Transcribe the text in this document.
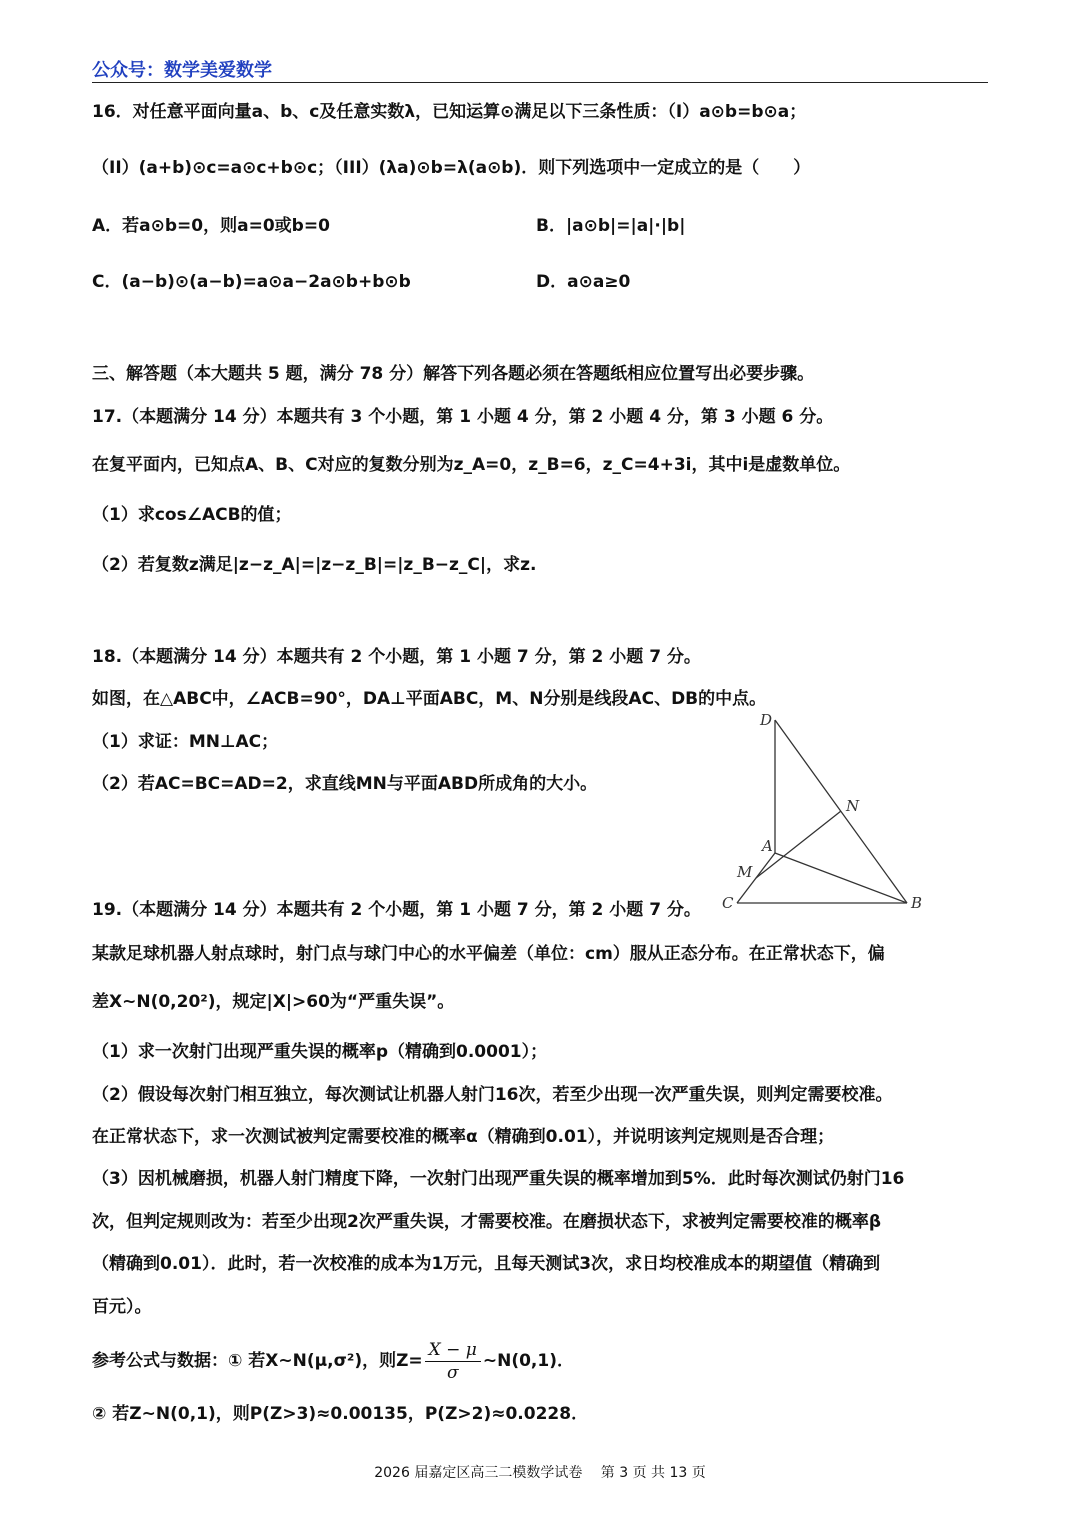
公众号：数学美爱数学
16．对任意平面向量a、b、c及任意实数λ，已知运算⊙满足以下三条性质：（I）a⊙b=b⊙a；
（II）(a+b)⊙c=a⊙c+b⊙c；（III）(λa)⊙b=λ(a⊙b)．则下列选项中一定成立的是（　　）
A．若a⊙b=0，则a=0或b=0	B．|a⊙b|=|a|·|b|
C．(a−b)⊙(a−b)=a⊙a−2a⊙b+b⊙b	D．a⊙a≥0
三、解答题（本大题共 5 题，满分 78 分）解答下列各题必须在答题纸相应位置写出必要步骤。
17.（本题满分 14 分）本题共有 3 个小题，第 1 小题 4 分，第 2 小题 4 分，第 3 小题 6 分。
在复平面内，已知点A、B、C对应的复数分别为z_A=0，z_B=6，z_C=4+3i，其中i是虚数单位。
（1）求cos∠ACB的值；
（2）若复数z满足|z−z_A|=|z−z_B|=|z_B−z_C|，求z.
18.（本题满分 14 分）本题共有 2 个小题，第 1 小题 7 分，第 2 小题 7 分。
如图，在△ABC中，∠ACB=90°，DA⊥平面ABC，M、N分别是线段AC、DB的中点。
（1）求证：MN⊥AC；
（2）若AC=BC=AD=2，求直线MN与平面ABD所成角的大小。
D
N
A
M
C	B
19.（本题满分 14 分）本题共有 2 个小题，第 1 小题 7 分，第 2 小题 7 分。
某款足球机器人射点球时，射门点与球门中心的水平偏差（单位：cm）服从正态分布。在正常状态下，偏
差X~N(0,20²)，规定|X|>60为“严重失误”。
（1）求一次射门出现严重失误的概率p（精确到0.0001）；
（2）假设每次射门相互独立，每次测试让机器人射门16次，若至少出现一次严重失误，则判定需要校准。
在正常状态下，求一次测试被判定需要校准的概率α（精确到0.01），并说明该判定规则是否合理；
（3）因机械磨损，机器人射门精度下降，一次射门出现严重失误的概率增加到5%．此时每次测试仍射门16
次，但判定规则改为：若至少出现2次严重失误，才需要校准。在磨损状态下，求被判定需要校准的概率β
（精确到0.01）．此时，若一次校准的成本为1万元，且每天测试3次，求日均校准成本的期望值（精确到
百元）。
参考公式与数据：① 若X~N(μ,σ²)，则$Z= \frac{X - \mu}{\sigma}$ ~N(0,1)．
② 若Z~N(0,1)，则P(Z>3)≈0.00135，P(Z>2)≈0.0228．
2026 届嘉定区高三二模数学试卷　 第 3 页 共 13 页
